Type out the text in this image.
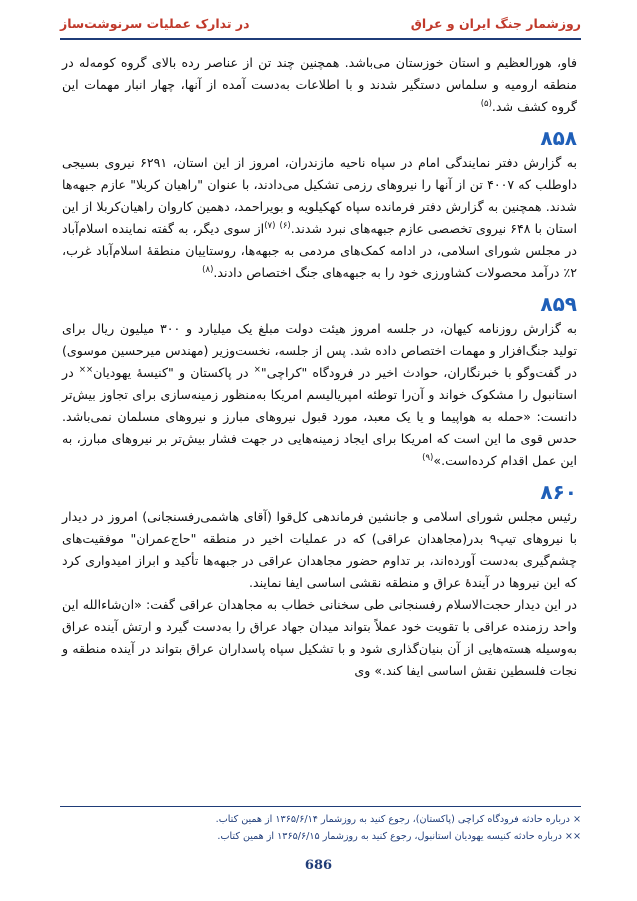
روزشمار جنگ ایران و عراق
در تدارک عملیات سرنوشت‌ساز

فاو، هورالعظیم و استان خوزستان می‌باشد. همچنین چند تن از عناصر رده بالای گروه کومه‌له در منطقه ارومیه و سلماس دستگیر شدند و با اطلاعات به‌دست آمده از آنها، چهار انبار مهمات این گروه کشف شد.$^{(۵)}$

۸۵۸

به گزارش دفتر نمایندگی امام در سپاه ناحیه مازندران، امروز از این استان، ۶۲۹۱ نیروی بسیجی داوطلب که ۴۰۰۷ تن از آنها را نیروهای رزمی تشکیل می‌دادند، با عنوان "راهیان کربلا" عازم جبهه‌ها شدند. همچنین به گزارش دفتر فرمانده سپاه کهکیلویه و بویراحمد، دهمین کاروان راهیان‌کربلا از این استان با ۶۴۸ نیروی تخصصی عازم جبهه‌های نبرد شدند.$^{(۶)}$ $^{(۷)}$از سوی دیگر، به گفته نماینده اسلام‌آباد در مجلس شورای اسلامی، در ادامه کمک‌های مردمی به جبهه‌ها، روستاییان منطقهٔ اسلام‌آباد غرب، ۲٪ درآمد محصولات کشاورزی خود را به جبهه‌های جنگ اختصاص دادند.$^{(۸)}$

۸۵۹

به گزارش روزنامه کیهان، در جلسه امروز هیئت دولت مبلغ یک میلیارد و ۳۰۰ میلیون ریال برای تولید جنگ‌افزار و مهمات اختصاص داده شد. پس از جلسه، نخست‌وزیر (مهندس میرحسین موسوی) در گفت‌وگو با خبرنگاران، حوادث اخیر در فرودگاه "کراچی"× در پاکستان و "کنیسهٔ یهودیان×× در استانبول را مشکوک خواند و آن‌را توطئه امپریالیسم امریکا به‌منظور زمینه‌سازی برای تجاوز بیش‌تر دانست: «حمله به هواپیما و یا یک معبد، مورد قبول نیروهای مبارز و نیروهای مسلمان نمی‌باشد. حدس قوی ما این است که امریکا برای ایجاد زمینه‌هایی در جهت فشار بیش‌تر بر نیروهای مبارز، به این عمل اقدام کرده‌است.»$^{(۹)}$

۸۶۰

رئیس مجلس شورای اسلامی و جانشین فرماندهی کل‌قوا (آقای هاشمی‌رفسنجانی) امروز در دیدار با نیروهای تیپ۹ بدر(مجاهدان عراقی) که در عملیات اخیر در منطقه "حاج‌عمران" موفقیت‌های چشم‌گیری به‌دست آورده‌اند، بر تداوم حضور مجاهدان عراقی در جبهه‌ها تأکید و ابراز امیدواری کرد که این نیروها در آیندهٔ عراق و منطقه نقشی اساسی ایفا نمایند.

در این دیدار حجت‌الاسلام رفسنجانی طی سخنانی خطاب به مجاهدان عراقی گفت: «ان‌شاءالله این واحد رزمنده عراقی با تقویت خود عملاً بتواند میدان جهاد عراق را به‌دست گیرد و ارتش آینده عراق به‌وسیله هسته‌هایی از آن بنیان‌گذاری شود و با تشکیل سپاه پاسداران عراق بتواند در آینده منطقه و نجات فلسطین نقش اساسی ایفا کند.» وی

× درباره حادثه فرودگاه کراچی (پاکستان)، رجوع کنید به روزشمار ۱۳۶۵/۶/۱۴ از همین کتاب.

×× درباره حادثه کنیسه یهودیان استانبول، رجوع کنید به روزشمار ۱۳۶۵/۶/۱۵ از همین کتاب.

686
